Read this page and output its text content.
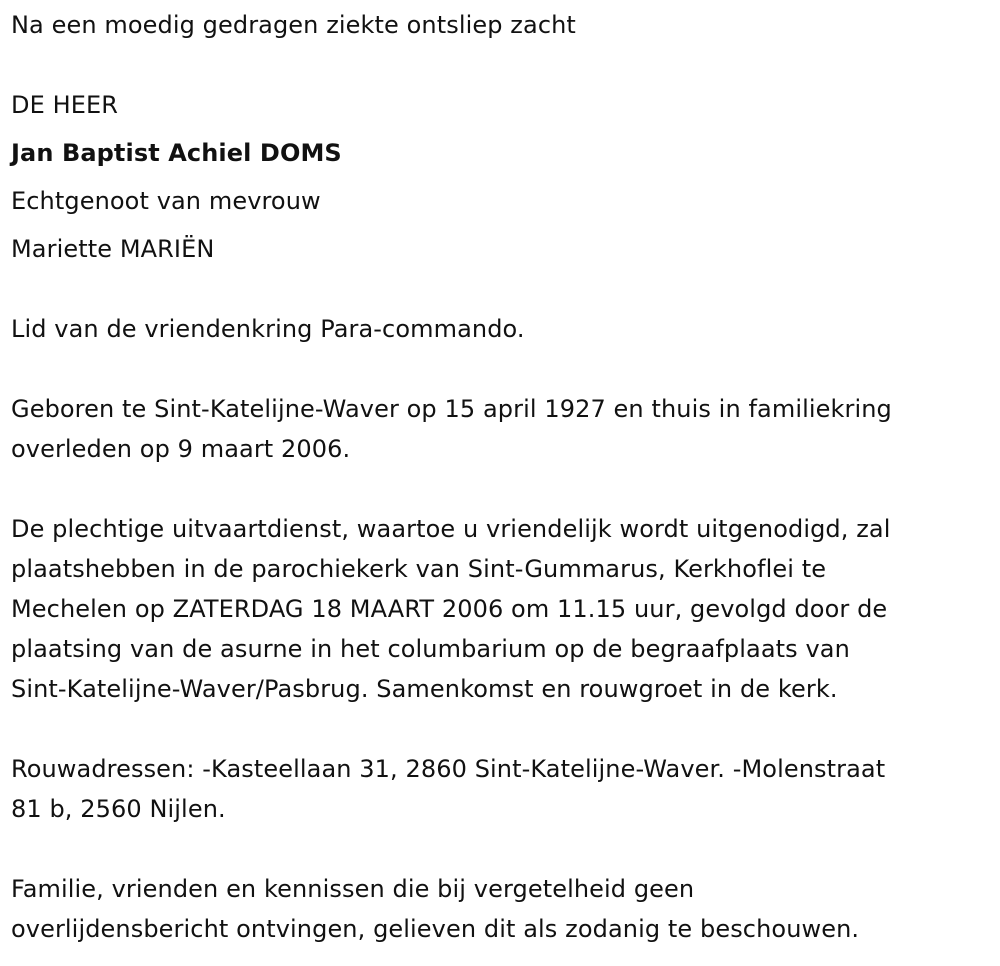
Na een moedig gedragen ziekte ontsliep zacht
DE HEER
Jan Baptist Achiel DOMS
Echtgenoot van mevrouw
Mariette MARIËN
Lid van de vriendenkring Para-commando.
Geboren te Sint-Katelijne-Waver op 15 april 1927 en thuis in familiekring
overleden op 9 maart 2006.
De plechtige uitvaartdienst, waartoe u vriendelijk wordt uitgenodigd, zal
plaatshebben in de parochiekerk van Sint-Gummarus, Kerkhoflei te
Mechelen op ZATERDAG 18 MAART 2006 om 11.15 uur, gevolgd door de
plaatsing van de asurne in het columbarium op de begraafplaats van
Sint-Katelijne-Waver/Pasbrug. Samenkomst en rouwgroet in de kerk.
Rouwadressen: -Kasteellaan 31, 2860 Sint-Katelijne-Waver. -Molenstraat
81 b, 2560 Nijlen.
Familie, vrienden en kennissen die bij vergetelheid geen
overlijdensbericht ontvingen, gelieven dit als zodanig te beschouwen.
